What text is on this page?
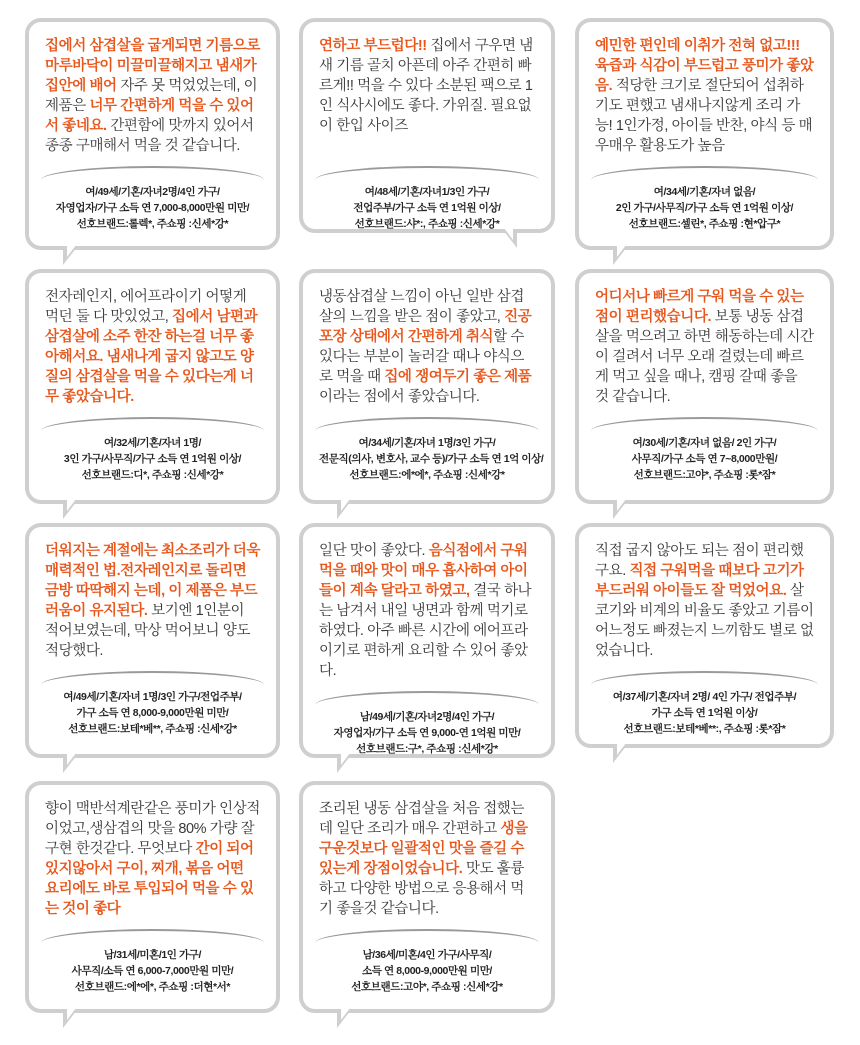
집에서 삼겹살을 굽게되면 기름으로 마루바닥이 미끌미끌해지고 냄새가 집안에 배어 자주 못 먹었었는데, 이 제품은 너무 간편하게 먹을 수 있어서 좋네요. 간편함에 맛까지 있어서 종종 구매해서 먹을 것 같습니다.
여/49세/기혼/자녀2명/4인 가구/
자영업자/가구 소득 연 7,000-8,000만원 미만/
선호브랜드:롤렉*, 주쇼핑 :신세*강*
연하고 부드럽다!! 집에서 구우면 냄새 기름 골치 아픈데 아주 간편히 빠르게!! 먹을 수 있다 소분된 팩으로 1인 식사시에도 좋다. 가위질. 필요없이 한입 사이즈
여/48세/기혼/자녀1/3인 가구/
전업주부/가구 소득 연 1억원 이상/
선호브랜드:샤*:, 주쇼핑 :신세*강*
예민한 편인데 이취가 전혀 없고!!! 육즙과 식감이 부드럽고 풍미가 좋았음. 적당한 크기로 절단되어 섭취하기도 편했고 냄새나지않게 조리 가능! 1인가정, 아이들 반찬, 야식 등 매우매우 활용도가 높음
여/34세/기혼/자녀 없음/
2인 가구/사무직/가구 소득 연 1억원 이상/
선호브랜드:셀린*, 주쇼핑 :현*압구*
전자레인지, 에어프라이기 어떻게 먹던 둘 다 맛있었고, 집에서 남편과 삼겹살에 소주 한잔 하는걸 너무 좋아해서요. 냄새나게 굽지 않고도 양질의 삼겹살을 먹을 수 있다는게 너무 좋았습니다.
여/32세/기혼/자녀 1명/
3인 가구/사무직/가구 소득 연 1억원 이상/
선호브랜드:디*, 주쇼핑 :신세*강*
냉동삼겹살 느낌이 아닌 일반 삼겹살의 느낌을 받은 점이 좋았고, 진공 포장 상태에서 간편하게 취식할 수 있다는 부분이 놀러갈 때나 야식으로 먹을 때 집에 쟁여두기 좋은 제품이라는 점에서 좋았습니다.
여/34세/기혼/자녀 1명/3인 가구/
전문직(의사, 변호사, 교수 등)/가구 소득 연 1억 이상/
선호브랜드:에*에*, 주쇼핑 :신세*강*
어디서나 빠르게 구워 먹을 수 있는 점이 편리했습니다. 보통 냉동 삼겹살을 먹으려고 하면 해동하는데 시간이 걸려서 너무 오래 걸렸는데 빠르게 먹고 싶을 때나, 캠핑 갈때 좋을 것 같습니다.
여/30세/기혼/자녀 없음/ 2인 가구/
사무직/가구 소득 연 7~8,000만원/
선호브랜드:고야*, 주쇼핑 :롯*잠*
더워지는 계절에는 최소조리가 더욱 매력적인 법.전자레인지로 돌리면 금방 따딱해지 는데, 이 제품은 부드러움이 유지된다. 보기엔 1인분이 적어보였는데, 막상 먹어보니 양도 적당했다.
여/49세/기혼/자녀 1명/3인 가구/전업주부/
가구 소득 연 8,000-9,000만원 미만/
선호브랜드:보테*베**, 주쇼핑 :신세*강*
일단 맛이 좋았다. 음식점에서 구워 먹을 때와 맛이 매우 흡사하여 아이들이 계속 달라고 하였고, 결국 하나는 남겨서 내일 냉면과 함께 먹기로 하였다. 아주 빠른 시간에 에어프라이기로 편하게 요리할 수 있어 좋았다.
남/49세/기혼/자녀2명/4인 가구/
자영업자/가구 소득 연 9,000-연 1억원 미만/
선호브랜드:구*, 주쇼핑 :신세*강*
직접 굽지 않아도 되는 점이 편리했구요. 직접 구워먹을 때보다 고기가 부드러워 아이들도 잘 먹었어요. 살코기와 비계의 비율도 좋았고 기름이 어느정도 빠졌는지 느끼함도 별로 없었습니다.
여/37세/기혼/자녀 2명/ 4인 가구/ 전업주부/
가구 소득 연 1억원 이상/
선호브랜드:보테*베**:, 주쇼핑 :롯*잠*
향이 맥반석계란같은 풍미가 인상적이었고,생삼겹의 맛을 80% 가량 잘 구현 한것같다. 무엇보다 간이 되어 있지않아서 구이, 찌개, 볶음 어떤 요리에도 바로 투입되어 먹을 수 있는 것이 좋다
남/31세/미혼/1인 가구/
사무직/소득 연 6,000-7,000만원 미만/
선호브랜드:에*에*, 주쇼핑 :더현*서*
조리된 냉동 삼겹살을 처음 접했는데 일단 조리가 매우 간편하고 생을 구운것보다 일괄적인 맛을 즐길 수 있는게 장점이었습니다. 맛도 훌륭하고 다양한 방법으로 응용해서 먹기 좋을것 같습니다.
남/36세/미혼/4인 가구/사무직/
소득 연 8,000-9,000만원 미만/
선호브랜드:고야*, 주쇼핑 :신세*강*
